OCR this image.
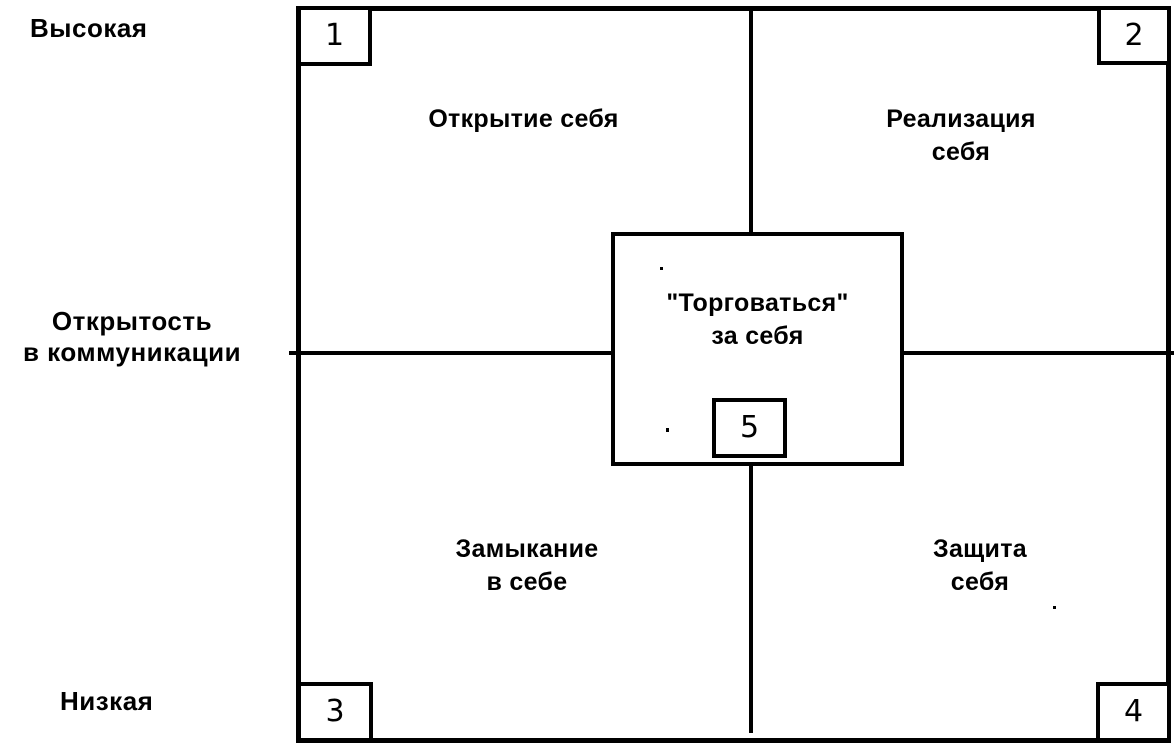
Высокая
Открытость
в коммуникации
Низкая
Открытие себя	Реализация
себя
Замыкание
в себе
Защита
себя
"Торговаться"
за себя
1	2
3	4
5
